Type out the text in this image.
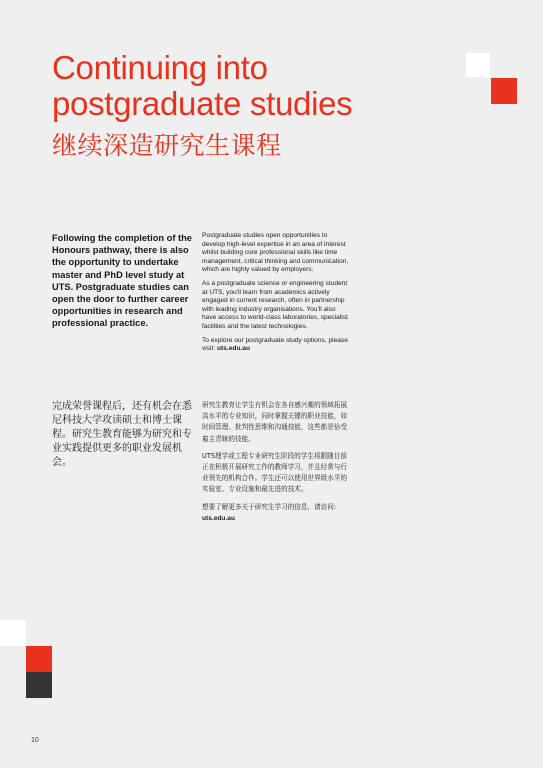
Continuing into
postgraduate studies
继续深造研究生课程

Following the completion of the Honours pathway, there is also the opportunity to undertake master and PhD level study at UTS. Postgraduate studies can open the door to further career opportunities in research and professional practice.

Postgraduate studies open opportunities to develop high-level expertise in an area of interest whilst building core professional skills like time management, critical thinking and communication, which are highly valued by employers.

As a postgraduate science or engineering student at UTS, you'll learn from academics actively engaged in current research, often in partnership with leading industry organisations. You'll also have access to world-class laboratories, specialist facilities and the latest technologies.

To explore our postgraduate study options, please visit: uts.edu.au

完成荣誉课程后，还有机会在悉尼科技大学攻读硕士和博士课程。研究生教育能够为研究和专业实践提供更多的职业发展机会。

研究生教育让学生有机会在各自感兴趣的领域拓展高水平的专业知识，同时掌握关键的职业技能，如时间管理、批判性思维和沟通技能，这些都是倍受雇主青睐的技能。

UTS理学或工程专业研究生阶段的学生将跟随目前正在积极开展研究工作的教师学习，并且经常与行业领先的机构合作。学生还可以使用世界级水平的实验室、专业设施和最先进的技术。

想要了解更多关于研究生学习的信息，请访问: uts.edu.au

10
